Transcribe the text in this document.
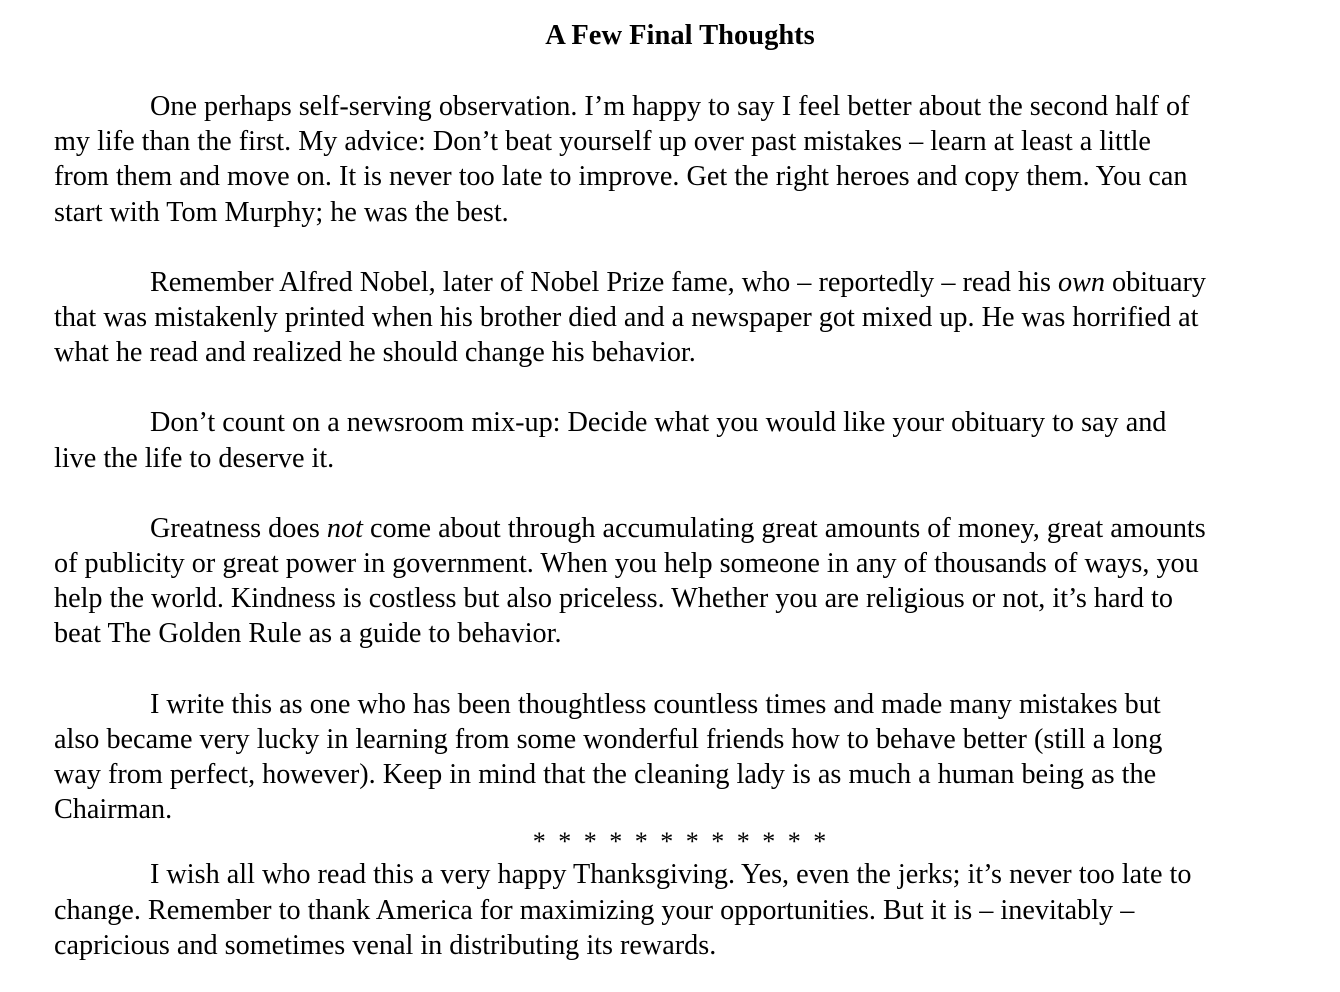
A Few Final Thoughts

One perhaps self-serving observation. I’m happy to say I feel better about the second half of
my life than the first. My advice: Don’t beat yourself up over past mistakes – learn at least a little
from them and move on. It is never too late to improve. Get the right heroes and copy them. You can
start with Tom Murphy; he was the best.

Remember Alfred Nobel, later of Nobel Prize fame, who – reportedly – read his own obituary
that was mistakenly printed when his brother died and a newspaper got mixed up. He was horrified at
what he read and realized he should change his behavior.

Don’t count on a newsroom mix-up: Decide what you would like your obituary to say and
live the life to deserve it.

Greatness does not come about through accumulating great amounts of money, great amounts
of publicity or great power in government. When you help someone in any of thousands of ways, you
help the world. Kindness is costless but also priceless. Whether you are religious or not, it’s hard to
beat The Golden Rule as a guide to behavior.

I write this as one who has been thoughtless countless times and made many mistakes but
also became very lucky in learning from some wonderful friends how to behave better (still a long
way from perfect, however). Keep in mind that the cleaning lady is as much a human being as the
Chairman.

* * * * * * * * * * * *

I wish all who read this a very happy Thanksgiving. Yes, even the jerks; it’s never too late to
change. Remember to thank America for maximizing your opportunities. But it is – inevitably –
capricious and sometimes venal in distributing its rewards.
